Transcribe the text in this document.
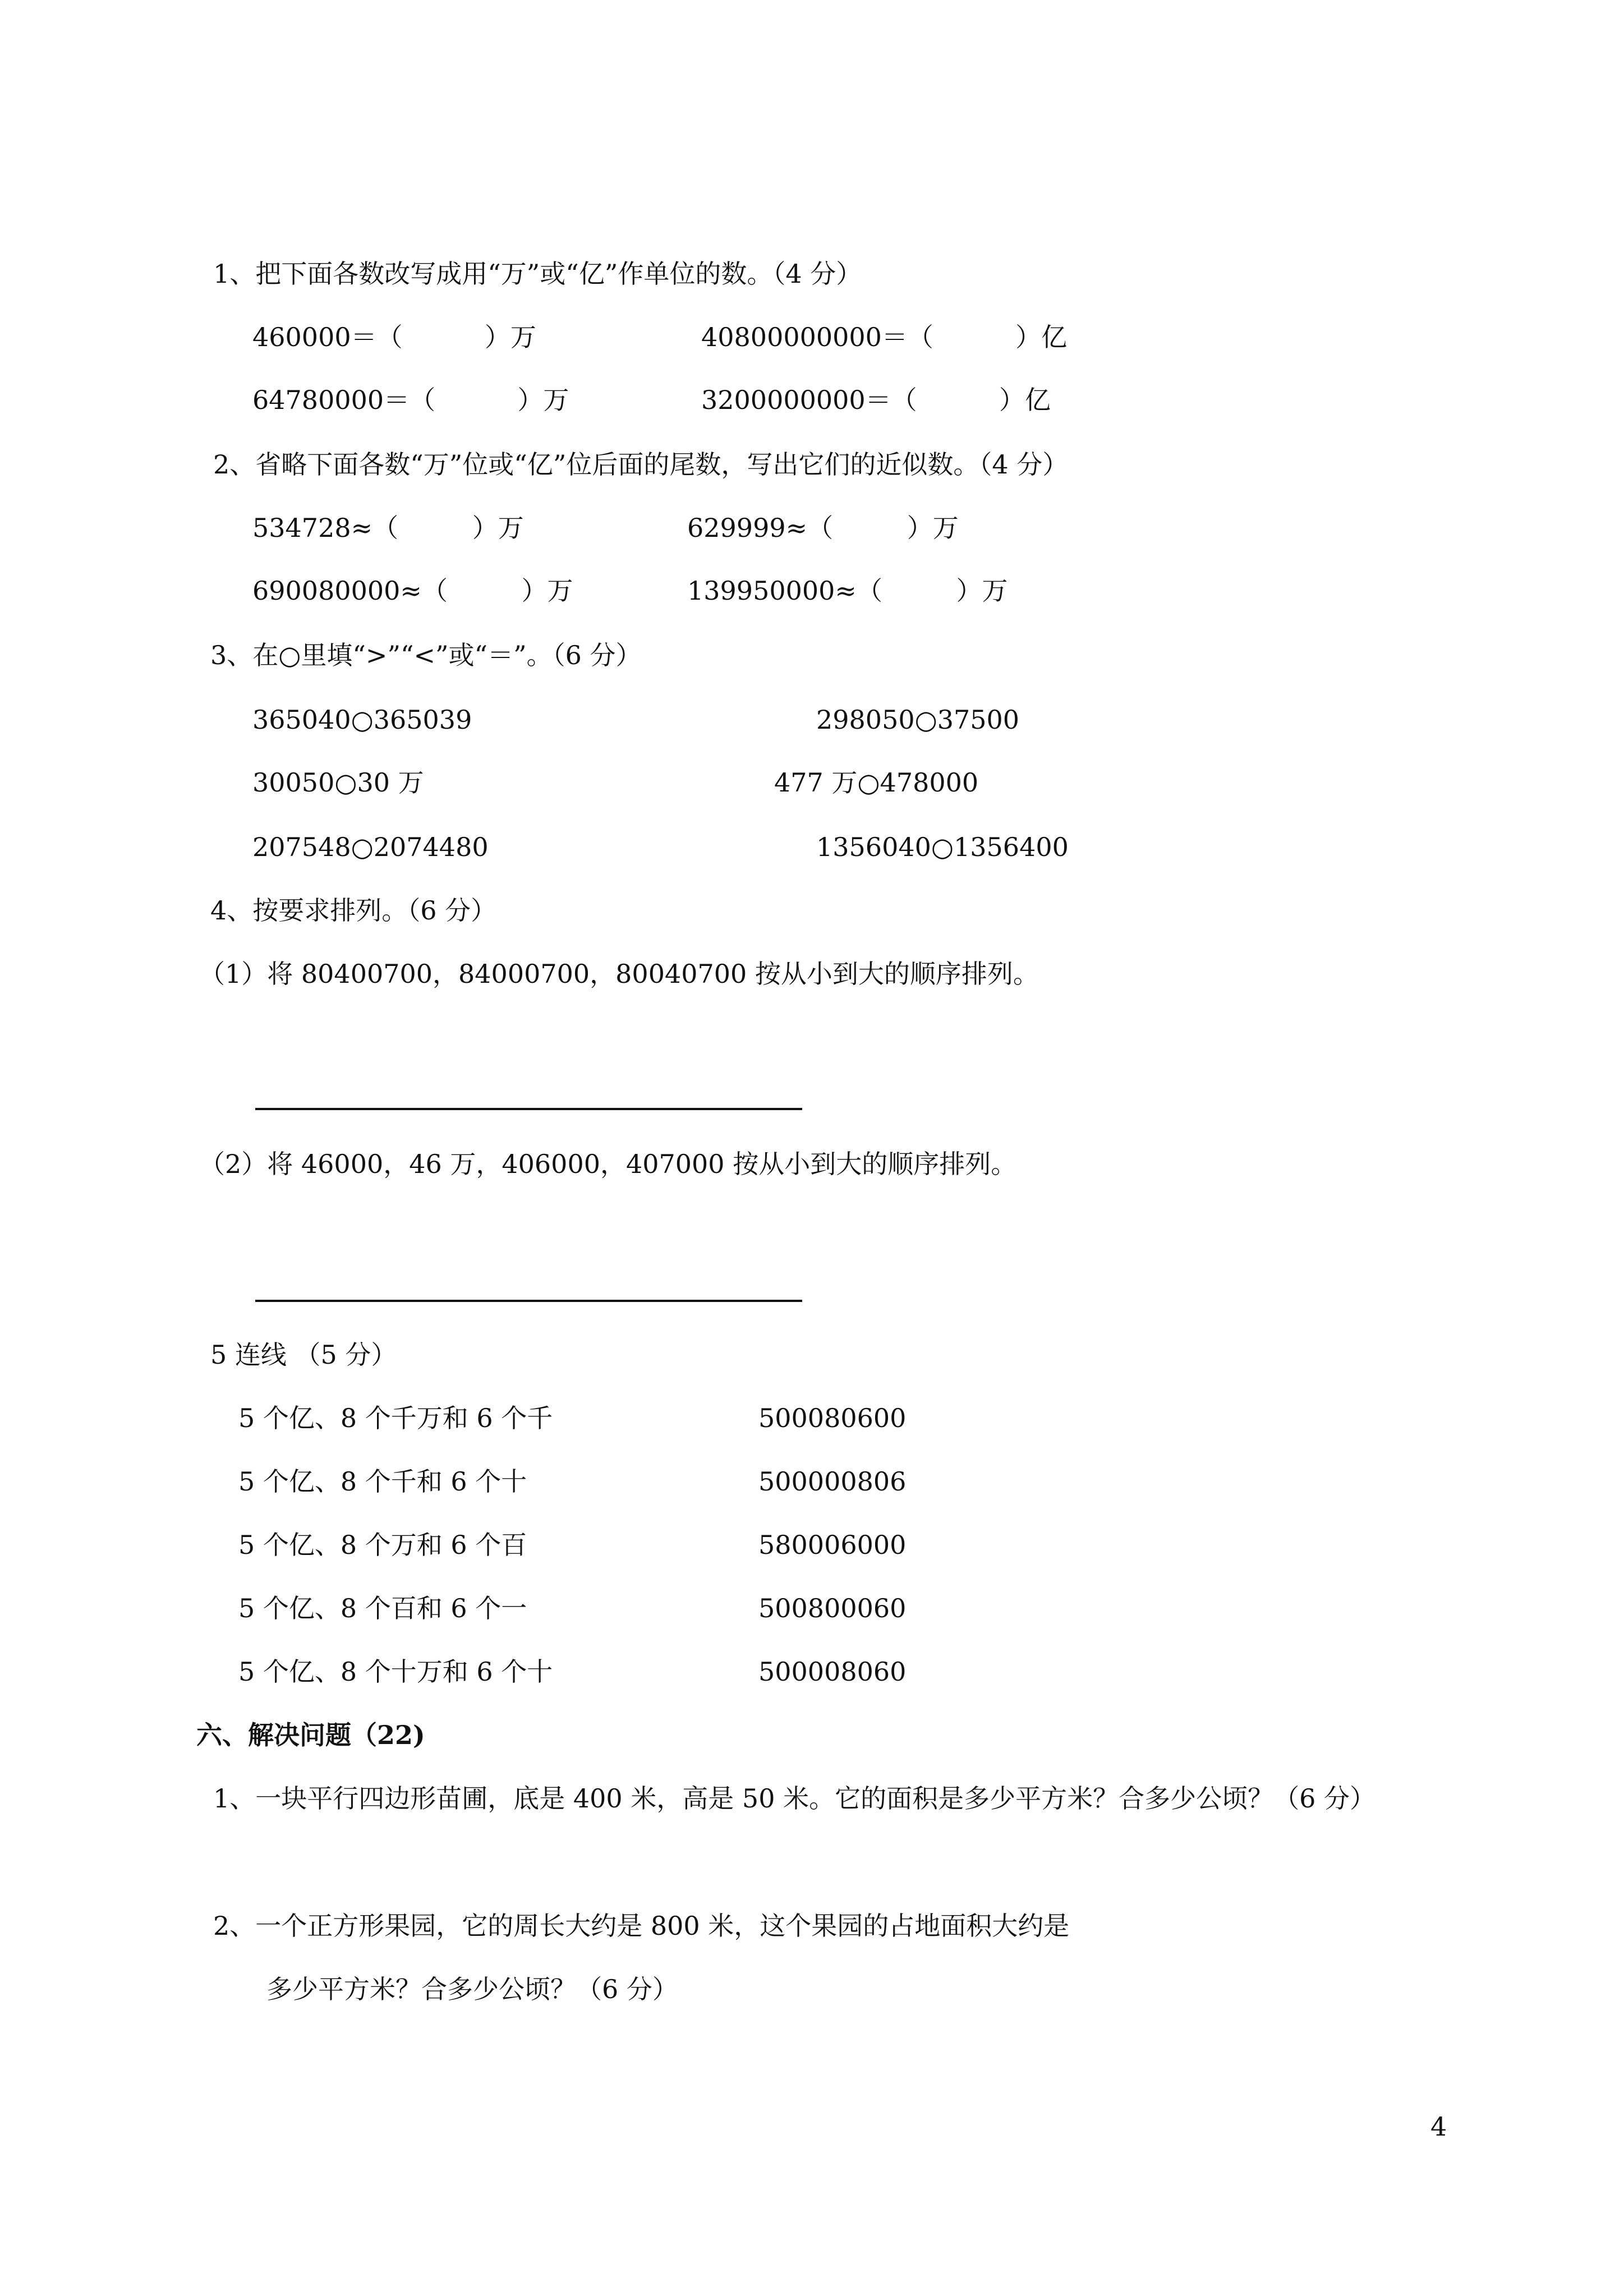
1、把下面各数改写成用“万”或“亿”作单位的数。（4 分）
460000＝（          ）万	40800000000＝（          ）亿
64780000＝（          ）万	3200000000＝（          ）亿
2、省略下面各数“万”位或“亿”位后面的尾数，写出它们的近似数。（4 分）
534728≈（         ）万	629999≈（         ）万
690080000≈（         ）万	139950000≈（         ）万
3、在○里填“>”“<”或“＝”。（6 分）
365040○365039	298050○37500
30050○30 万	477 万○478000
207548○2074480	1356040○1356400
4、按要求排列。（6 分）
（1）将 80400700，84000700，80040700 按从小到大的顺序排列。
（2）将 46000，46 万，406000，407000 按从小到大的顺序排列。
5 连线 （5 分）
5 个亿、8 个千万和 6 个千	500080600
5 个亿、8 个千和 6 个十	500000806
5 个亿、8 个万和 6 个百	580006000
5 个亿、8 个百和 6 个一	500800060
5 个亿、8 个十万和 6 个十	500008060
六、解决问题（22)
1、一块平行四边形苗圃，底是 400 米，高是 50 米。它的面积是多少平方米？合多少公顷？（6 分）
2、一个正方形果园，它的周长大约是 800 米，这个果园的占地面积大约是
多少平方米？合多少公顷？（6 分）
4
